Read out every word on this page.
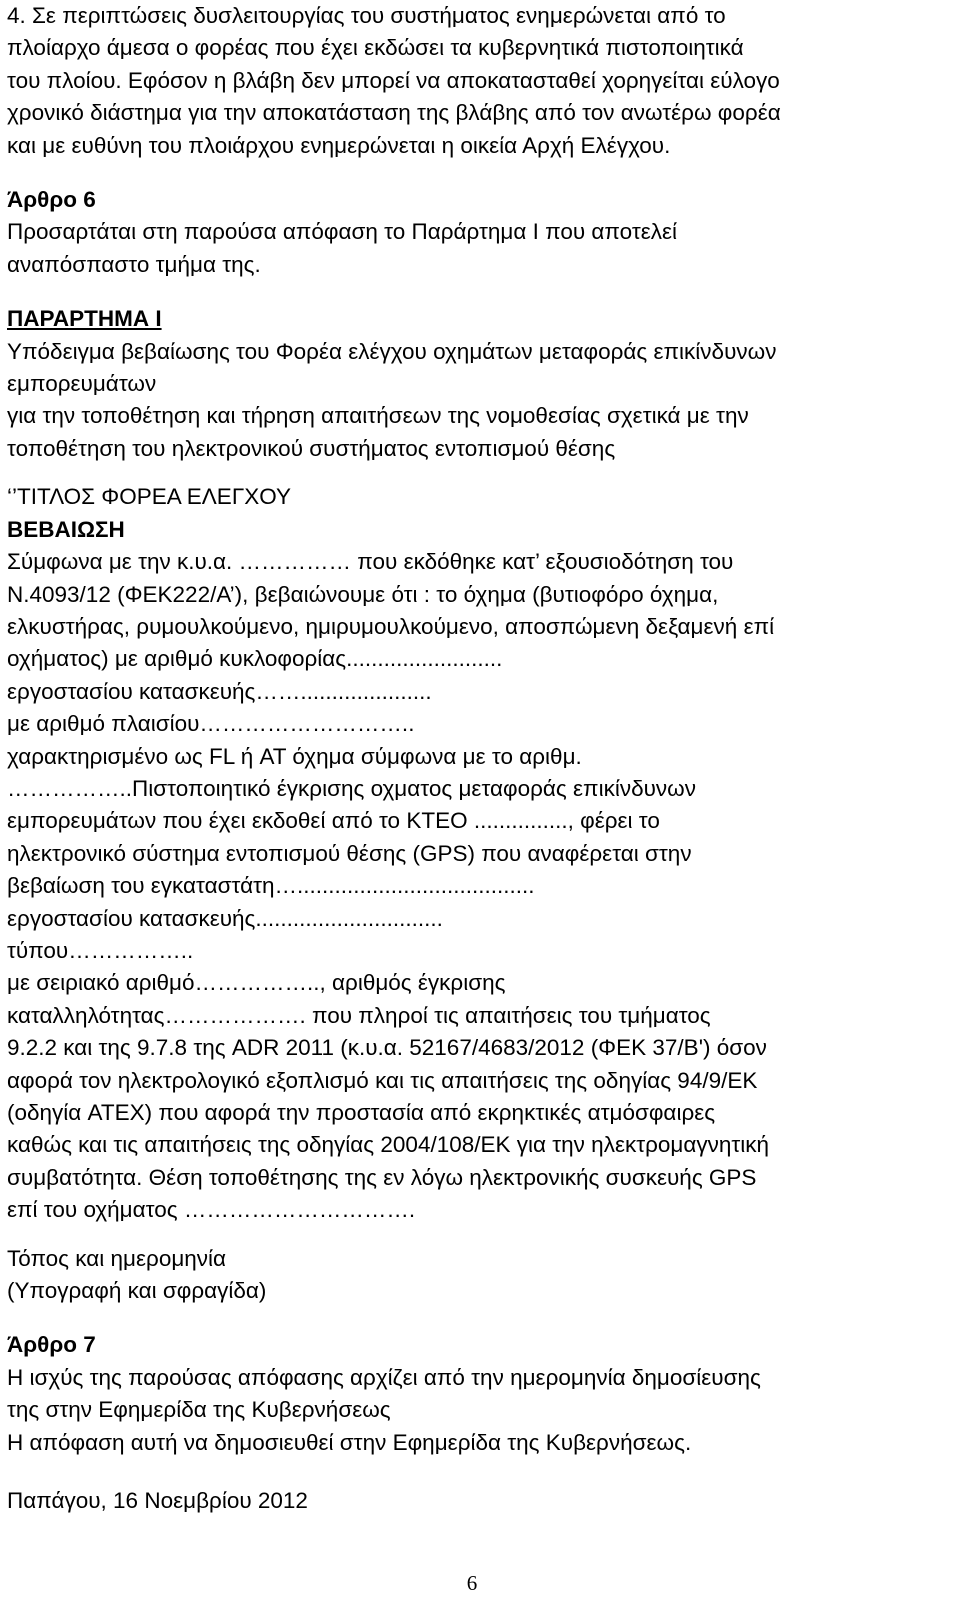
4. Σε περιπτώσεις δυσλειτουργίας του συστήματος ενημερώνεται από το
πλοίαρχο άμεσα ο φορέας που έχει εκδώσει τα κυβερνητικά πιστοποιητικά
του πλοίου. Εφόσον η βλάβη δεν μπορεί να αποκατασταθεί χορηγείται εύλογο
χρονικό διάστημα για την αποκατάσταση της βλάβης από τον ανωτέρω φορέα
και με ευθύνη του πλοιάρχου ενημερώνεται η οικεία Αρχή Ελέγχου.
Άρθρο 6
Προσαρτάται στη παρούσα απόφαση το Παράρτημα Ι που αποτελεί
αναπόσπαστο τμήμα της.
ΠΑΡΑΡΤΗΜΑ Ι
Υπόδειγμα βεβαίωσης του Φορέα ελέγχου οχημάτων μεταφοράς επικίνδυνων
εμπορευμάτων
για την τοποθέτηση και τήρηση απαιτήσεων της νομοθεσίας σχετικά με την
τοποθέτηση του ηλεκτρονικού συστήματος εντοπισμού θέσης
‘’ΤΙΤΛΟΣ ΦΟΡΕΑ ΕΛΕΓΧΟΥ
ΒΕΒΑΙΩΣΗ
Σύμφωνα με την κ.υ.α. …………… που εκδόθηκε κατ’ εξουσιοδότηση του
Ν.4093/12 (ΦΕΚ222/Α’), βεβαιώνουμε ότι : το όχημα (βυτιοφόρο όχημα,
ελκυστήρας, ρυμουλκούμενο, ημιρυμουλκούμενο, αποσπώμενη δεξαμενή επί
οχήματος) με αριθμό κυκλοφορίας.........................
εργοστασίου κατασκευής…….....................
με αριθμό πλαισίου………………………..
χαρακτηρισμένο ως FL ή AT όχημα σύμφωνα με το αριθμ.
……………..Πιστοποιητικό έγκρισης οχματος μεταφοράς επικίνδυνων
εμπορευμάτων που έχει εκδοθεί από το ΚΤΕΟ ..............., φέρει το
ηλεκτρονικό σύστημα εντοπισμού θέσης (GPS) που αναφέρεται στην
βεβαίωση του εγκαταστάτη…......................................
εργοστασίου κατασκευής..............................
τύπου……………..
με σειριακό αριθμό…………….., αριθμός έγκρισης
καταλληλότητας………………. που πληροί τις απαιτήσεις του τμήματος
9.2.2 και της 9.7.8 της ADR 2011 (κ.υ.α. 52167/4683/2012 (ΦΕΚ 37/Β') όσον
αφορά τον ηλεκτρολογικό εξοπλισμό και τις απαιτήσεις της οδηγίας 94/9/ΕΚ
(οδηγία ATEX) που αφορά την προστασία από εκρηκτικές ατμόσφαιρες
καθώς και τις απαιτήσεις της οδηγίας 2004/108/ΕΚ για την ηλεκτρομαγνητική
συμβατότητα. Θέση τοποθέτησης της εν λόγω ηλεκτρονικής συσκευής GPS
επί του οχήματος ………………………….
Τόπος και ημερομηνία
(Υπογραφή και σφραγίδα)
Άρθρο 7
Η ισχύς της παρούσας απόφασης αρχίζει από την ημερομηνία δημοσίευσης
της στην Εφημερίδα της Κυβερνήσεως
Η απόφαση αυτή να δημοσιευθεί στην Εφημερίδα της Κυβερνήσεως.
Παπάγου, 16 Νοεμβρίου 2012
6
